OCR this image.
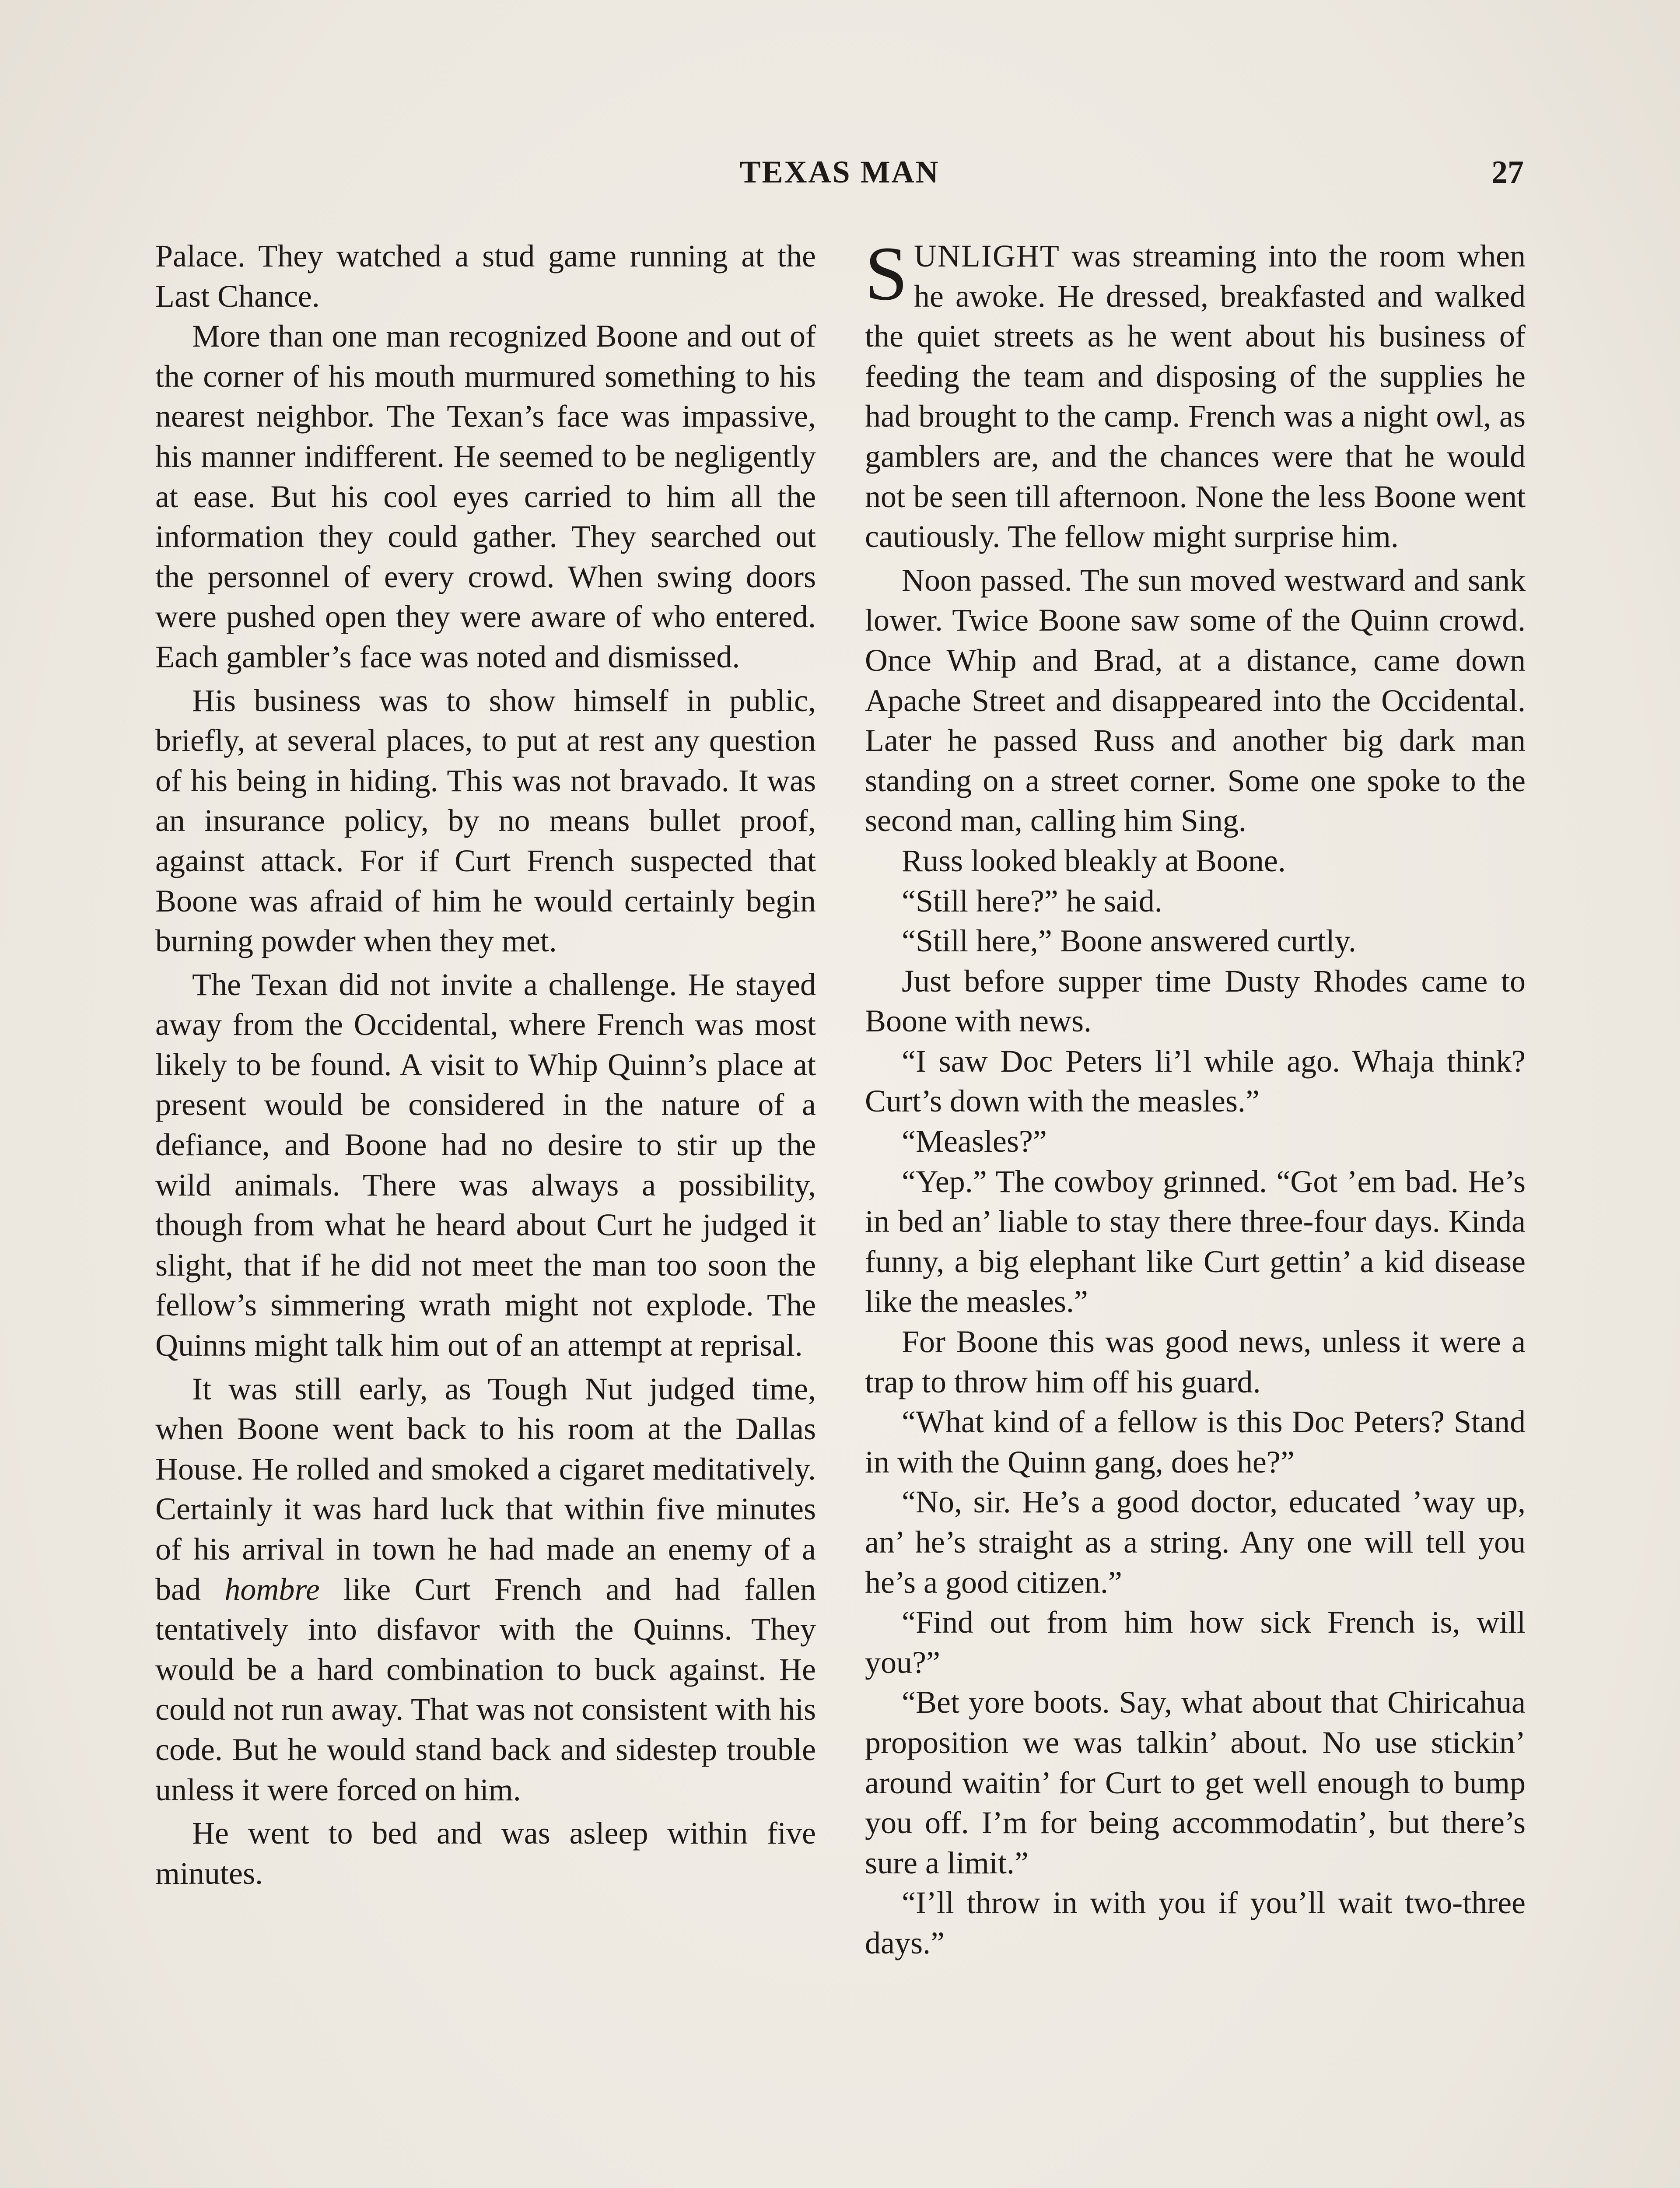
TEXAS MAN	27

Palace. They watched a stud game running at the Last Chance.

More than one man recognized Boone and out of the corner of his mouth murmured something to his nearest neighbor. The Texan’s face was impassive, his manner indifferent. He seemed to be negligently at ease. But his cool eyes carried to him all the information they could gather. They searched out the personnel of every crowd. When swing doors were pushed open they were aware of who entered. Each gambler’s face was noted and dismissed.

His business was to show himself in public, briefly, at several places, to put at rest any question of his being in hiding. This was not bravado. It was an insurance policy, by no means bullet proof, against attack. For if Curt French suspected that Boone was afraid of him he would certainly begin burning powder when they met.

The Texan did not invite a challenge. He stayed away from the Occidental, where French was most likely to be found. A visit to Whip Quinn’s place at present would be considered in the nature of a defiance, and Boone had no desire to stir up the wild animals. There was always a possibility, though from what he heard about Curt he judged it slight, that if he did not meet the man too soon the fellow’s simmering wrath might not explode. The Quinns might talk him out of an attempt at reprisal.

It was still early, as Tough Nut judged time, when Boone went back to his room at the Dallas House. He rolled and smoked a cigaret meditatively. Certainly it was hard luck that within five minutes of his arrival in town he had made an enemy of a bad hombre like Curt French and had fallen tentatively into disfavor with the Quinns. They would be a hard combination to buck against. He could not run away. That was not consistent with his code. But he would stand back and sidestep trouble unless it were forced on him.

He went to bed and was asleep within five minutes.

SUNLIGHT was streaming into the room when he awoke. He dressed, breakfasted and walked the quiet streets as he went about his business of feeding the team and disposing of the supplies he had brought to the camp. French was a night owl, as gamblers are, and the chances were that he would not be seen till afternoon. None the less Boone went cautiously. The fellow might surprise him.

Noon passed. The sun moved westward and sank lower. Twice Boone saw some of the Quinn crowd. Once Whip and Brad, at a distance, came down Apache Street and disappeared into the Occidental. Later he passed Russ and another big dark man standing on a street corner. Some one spoke to the second man, calling him Sing.

Russ looked bleakly at Boone.

“Still here?” he said.

“Still here,” Boone answered curtly.

Just before supper time Dusty Rhodes came to Boone with news.

“I saw Doc Peters li’l while ago. Whaja think? Curt’s down with the measles.”

“Measles?”

“Yep.” The cowboy grinned. “Got ’em bad. He’s in bed an’ liable to stay there three-four days. Kinda funny, a big elephant like Curt gettin’ a kid disease like the measles.”

For Boone this was good news, unless it were a trap to throw him off his guard.

“What kind of a fellow is this Doc Peters? Stand in with the Quinn gang, does he?”

“No, sir. He’s a good doctor, educated ’way up, an’ he’s straight as a string. Any one will tell you he’s a good citizen.”

“Find out from him how sick French is, will you?”

“Bet yore boots. Say, what about that Chiricahua proposition we was talkin’ about. No use stickin’ around waitin’ for Curt to get well enough to bump you off. I’m for being accommodatin’, but there’s sure a limit.”

“I’ll throw in with you if you’ll wait two-three days.”
